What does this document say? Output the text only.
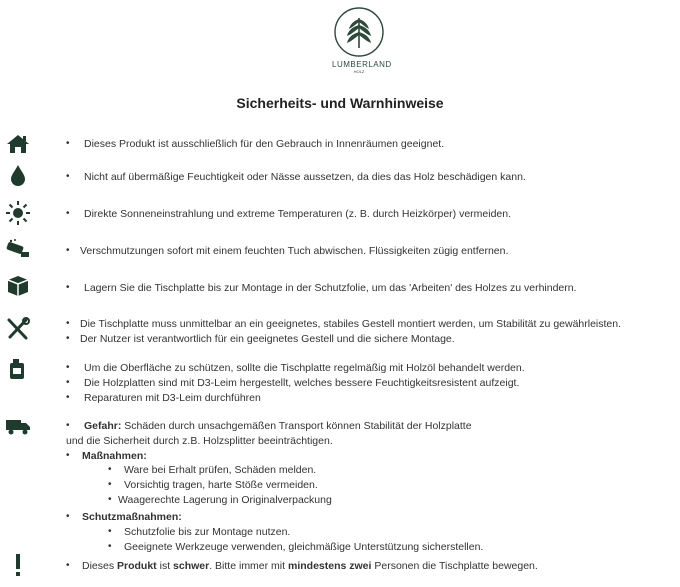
LUMBERLAND
HOLZ
Sicherheits- und Warnhinweise
• Dieses Produkt ist ausschließlich für den Gebrauch in Innenräumen geeignet.
• Nicht auf übermäßige Feuchtigkeit oder Nässe aussetzen, da dies das Holz beschädigen kann.
• Direkte Sonneneinstrahlung und extreme Temperaturen (z. B. durch Heizkörper) vermeiden.
• Verschmutzungen sofort mit einem feuchten Tuch abwischen. Flüssigkeiten zügig entfernen.
• Lagern Sie die Tischplatte bis zur Montage in der Schutzfolie, um das 'Arbeiten' des Holzes zu verhindern.
• Die Tischplatte muss unmittelbar an ein geeignetes, stabiles Gestell montiert werden, um Stabilität zu gewährleisten.
• Der Nutzer ist verantwortlich für ein geeignetes Gestell und die sichere Montage.
• Um die Oberfläche zu schützen, sollte die Tischplatte regelmäßig mit Holzöl behandelt werden.
• Die Holzplatten sind mit D3-Leim hergestellt, welches bessere Feuchtigkeitsresistent aufzeigt.
• Reparaturen mit D3-Leim durchführen
• Gefahr: Schäden durch unsachgemäßen Transport können Stabilität der Holzplatte
und die Sicherheit durch z.B. Holzsplitter beeinträchtigen.
• Maßnahmen:
• Ware bei Erhalt prüfen, Schäden melden.
• Vorsichtig tragen, harte Stöße vermeiden.
• Waagerechte Lagerung in Originalverpackung
• Schutzmaßnahmen:
• Schutzfolie bis zur Montage nutzen.
• Geeignete Werkzeuge verwenden, gleichmäßige Unterstützung sicherstellen.
• Dieses Produkt ist schwer. Bitte immer mit mindestens zwei Personen die Tischplatte bewegen.
